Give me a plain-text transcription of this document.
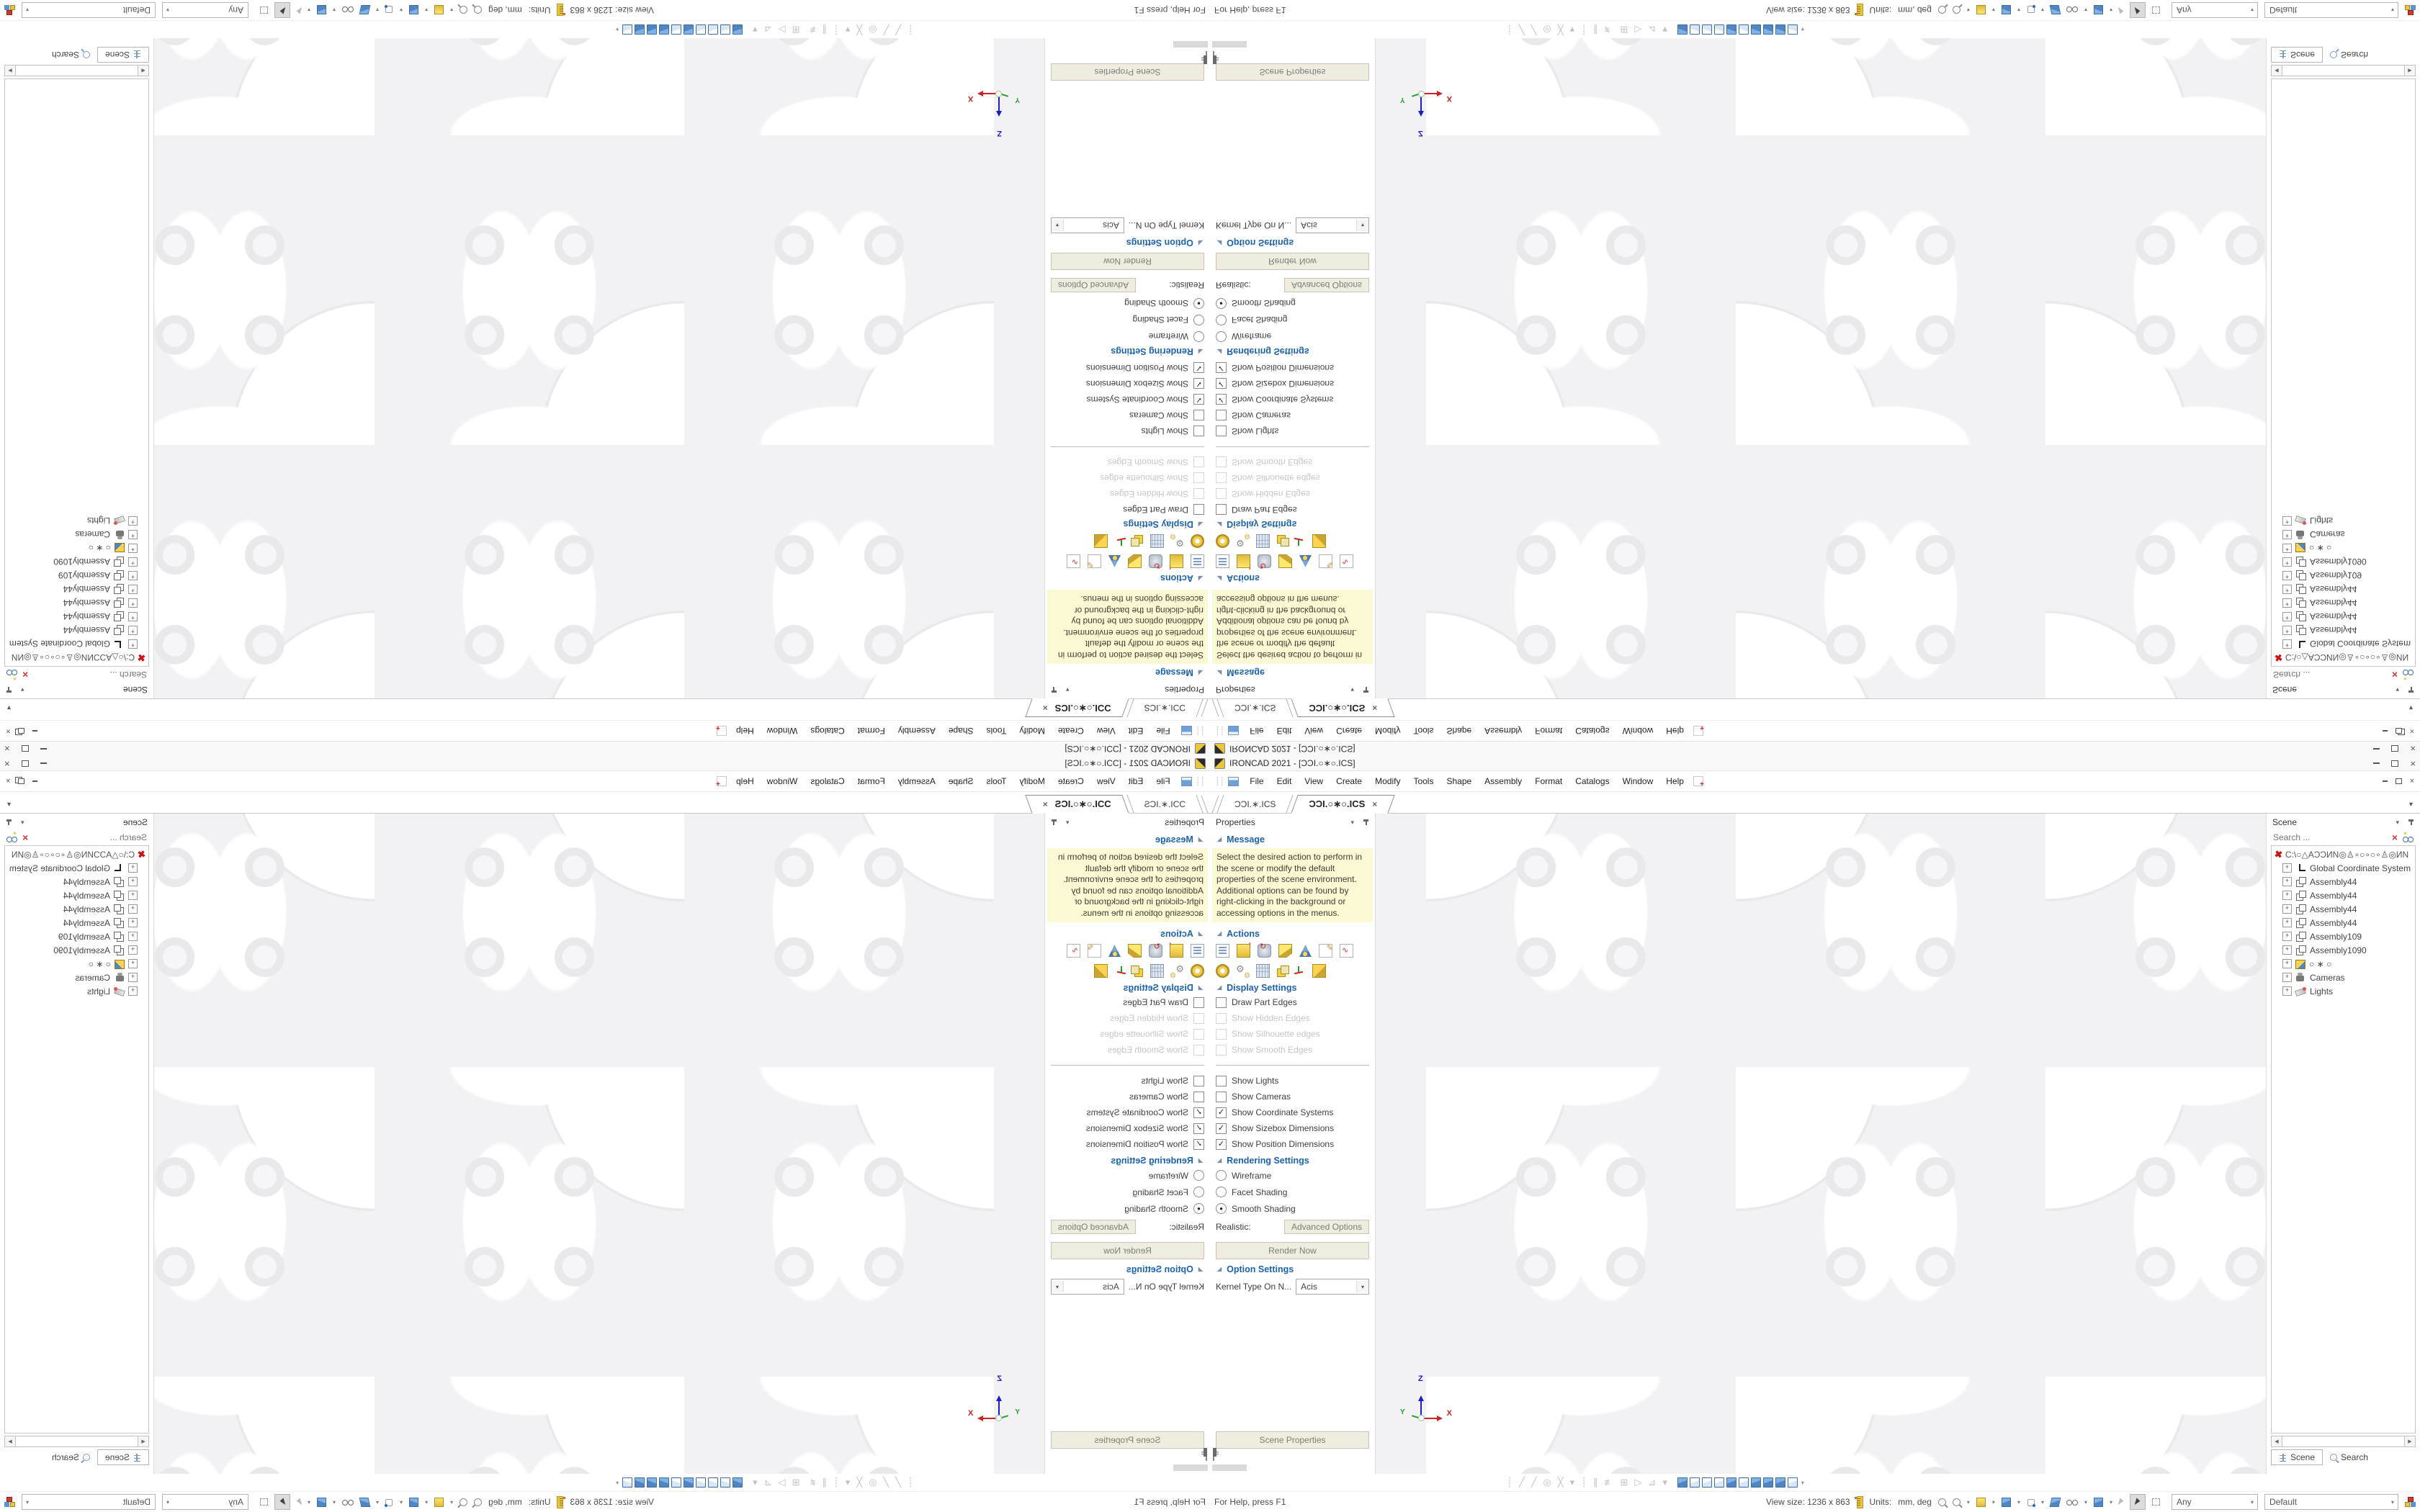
IRONCAD 2021 - [ƆƆI.○∗○.ICS]	×
┊┊	File	Edit	View	Create	Modify	Tools	Shape	Assembly	Format	Catalogs	Window	Help +	×
ƆƆI.∗.ICS	ƆƆI.○∗○.ICS ×	▾
Properties	▾
◢ Message
Select the desired action to perform in the scene or modify the default properties of the scene environment. Additional options can be found by right-clicking in the background or accessing options in the menus.
◢ Actions
↑
↻
✎
∿
⚙ ⚙
◢ Display Settings
Draw Part Edges
Show Hidden Edges
Show Silhouette edges
Show Smooth Edges
Show Lights
Show Cameras
✓ Show Coordinate Systems
✓ Show Sizebox Dimensions
✓ Show Position Dimensions
◢ Rendering Settings
Wireframe
Facet Shading
●	Smooth Shading
Realistic:	Advanced Options
Render Now
◢ Option Settings
Kernel Type On N... Acis	▾
Scene Properties
Z
X
Y
Scene	▾
Search ...
×
✖ C:\○△AƆƆИN◎♙∘○∘○∘♙◎ИN
+	Global Coordinate System
+	Assembly44
+	Assembly44
+	Assembly44
+	Assembly44
+	Assembly109
+	Assembly1090
+	○ ∗ ○
+	Cameras
+	Lights
◀	▶
Scene	Search
┊ ╱ ╱ ◎ ╳ ▾ ┊ ∥ ≢ ⊞ ▷ ⊿ ▾	▾
For Help, press F1	View size: 1236 x 863 Units: mm, deg	▾	▾	▾	▾	▾	▾	Any	▾	Default	▾
IRONCAD 2021 - [ƆƆI.○∗○.ICS]	×
┊┊	File	Edit	View	Create	Modify	Tools	Shape	Assembly	Format	Catalogs	Window	Help +	×
ƆƆI.∗.ICS	ƆƆI.○∗○.ICS ×	▾
Properties	▾
◢ Message
Select the desired action to perform in the scene or modify the default properties of the scene environment. Additional options can be found by right-clicking in the background or accessing options in the menus.
◢ Actions
↑
↻
✎
∿
⚙ ⚙
◢ Display Settings
Draw Part Edges
Show Hidden Edges
Show Silhouette edges
Show Smooth Edges
Show Lights
Show Cameras
✓ Show Coordinate Systems
✓ Show Sizebox Dimensions
✓ Show Position Dimensions
◢ Rendering Settings
Wireframe
Facet Shading
●	Smooth Shading
Realistic:	Advanced Options
Render Now
◢ Option Settings
Kernel Type On N... Acis	▾
Scene Properties
Z
X
Y
Scene	▾
Search ...
×
✖ C:\○△AƆƆИN◎♙∘○∘○∘♙◎ИN
+	Global Coordinate System
+	Assembly44
+	Assembly44
+	Assembly44
+	Assembly44
+	Assembly109
+	Assembly1090
+	○ ∗ ○
+	Cameras
+	Lights
◀	▶
Scene	Search
┊ ╱ ╱ ◎ ╳ ▾ ┊ ∥ ≢ ⊞ ▷ ⊿ ▾	▾
For Help, press F1	View size: 1236 x 863 Units: mm, deg	▾	▾	▾	▾	▾	▾	Any	▾	Default	▾
IRONCAD 2021 - [ƆƆI.○∗○.ICS]
×
┊┊
File
Edit
View
Create
Modify
Tools
Shape
Assembly
Format
Catalogs
Window
Help
+
×
ƆƆI.∗.ICS
ƆƆI.○∗○.ICS
×
▾
Properties
▾
◢
Message
Select the desired action to perform in the scene or modify the default properties of the scene environment. Additional options can be found by right-clicking in the background or accessing options in the menus.
◢
Actions
↑
↻
✎
∿
⚙ ⚙
◢
Display Settings
Draw Part Edges
Show Hidden Edges
Show Silhouette edges
Show Smooth Edges
Show Lights
Show Cameras
✓
Show Coordinate Systems
✓
Show Sizebox Dimensions
✓
Show Position Dimensions
◢
Rendering Settings
Wireframe
Facet Shading
●
Smooth Shading
Realistic:
Advanced Options
Render Now
◢
Option Settings
Kernel Type On N...
Acis
▾
Scene Properties
Z
X	Y
Scene
▾
Search ...
×
✖
C:\○△AƆƆИN◎♙∘○∘○∘♙◎ИN
+
Global Coordinate System
+
Assembly44
+
Assembly44
+
Assembly44
+
Assembly44
+
Assembly109
+
Assembly1090
+
○ ∗ ○
+
Cameras
+
Lights
◀
▶
Scene
Search
┊
╱
╱
◎
╳
▾
┊
∥
≢
⊞
▷
⊿
▾
▾
For Help, press F1
View size: 1236 x 863
Units:
mm, deg
▾
▾
▾
▾
▾
▾
Any
▾
Default
▾
IRONCAD 2021 - [ƆƆI.○∗○.ICS]
×
┊┊
File
Edit
View
Create
Modify
Tools
Shape
Assembly
Format
Catalogs
Window
Help
+
×
ƆƆI.∗.ICS
ƆƆI.○∗○.ICS
×
▾
Properties
▾
◢
Message
Select the desired action to perform in the scene or modify the default properties of the scene environment. Additional options can be found by right-clicking in the background or accessing options in the menus.
◢
Actions
↑
↻
✎
∿
⚙ ⚙
◢
Display Settings
Draw Part Edges
Show Hidden Edges
Show Silhouette edges
Show Smooth Edges
Show Lights
Show Cameras
✓
Show Coordinate Systems
✓
Show Sizebox Dimensions
✓
Show Position Dimensions
◢
Rendering Settings
Wireframe
Facet Shading
●
Smooth Shading
Realistic:
Advanced Options
Render Now
◢
Option Settings
Kernel Type On N...
Acis
▾
Scene Properties
Z
X	Y
Scene
▾
Search ...
×
✖
C:\○△AƆƆИN◎♙∘○∘○∘♙◎ИN
+
Global Coordinate System
+
Assembly44
+
Assembly44
+
Assembly44
+
Assembly44
+
Assembly109
+
Assembly1090
+
○ ∗ ○
+
Cameras
+
Lights
◀
▶
Scene
Search
┊
╱
╱
◎
╳
▾
┊
∥
≢
⊞
▷
⊿
▾
▾
For Help, press F1
View size: 1236 x 863
Units:
mm, deg
▾
▾
▾
▾
▾
▾
Any
▾
Default
▾
